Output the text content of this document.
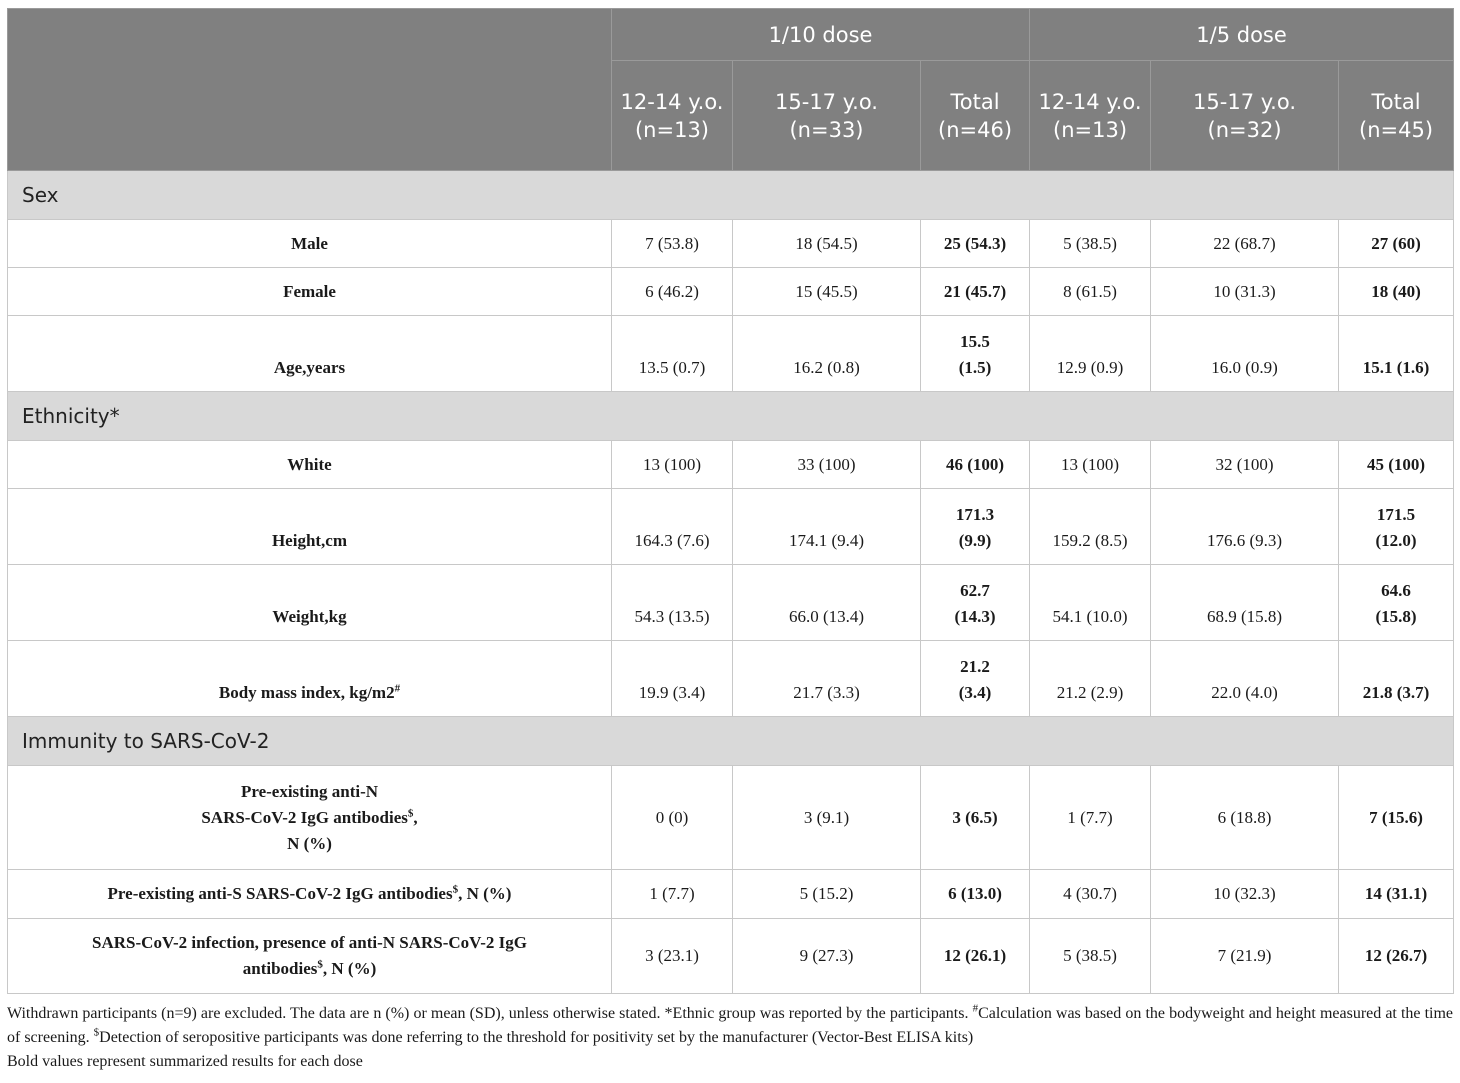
	1/10 dose			1/5 dose		
	12-14 y.o. (n=13)	15-17 y.o. (n=33)	Total (n=46)	12-14 y.o. (n=13)	15-17 y.o. (n=32)	Total (n=45)
Sex						
Male	7 (53.8)	18 (54.5)	25 (54.3)	5 (38.5)	22 (68.7)	27 (60)
Female	6 (46.2)	15 (45.5)	21 (45.7)	8 (61.5)	10 (31.3)	18 (40)
Age,years	13.5 (0.7)	16.2 (0.8)	15.5 (1.5)	12.9 (0.9)	16.0 (0.9)	15.1 (1.6)
Ethnicity*						
White	13 (100)	33 (100)	46 (100)	13 (100)	32 (100)	45 (100)
Height,cm	164.3 (7.6)	174.1 (9.4)	171.3 (9.9)	159.2 (8.5)	176.6 (9.3)	171.5 (12.0)
Weight,kg	54.3 (13.5)	66.0 (13.4)	62.7 (14.3)	54.1 (10.0)	68.9 (15.8)	64.6 (15.8)
Body mass index, kg/m2#	19.9 (3.4)	21.7 (3.3)	21.2 (3.4)	21.2 (2.9)	22.0 (4.0)	21.8 (3.7)
Immunity to SARS-CoV-2						
Pre-existing anti-N
SARS-CoV-2 IgG antibodies$,
N (%)	0 (0)	3 (9.1)	3 (6.5)	1 (7.7)	6 (18.8)	7 (15.6)
Pre-existing anti-S SARS-CoV-2 IgG antibodies$, N (%)	1 (7.7)	5 (15.2)	6 (13.0)	4 (30.7)	10 (32.3)	14 (31.1)
SARS-CoV-2 infection, presence of anti-N SARS-CoV-2 IgG
antibodies$, N (%)	3 (23.1)	9 (27.3)	12 (26.1)	5 (38.5)	7 (21.9)	12 (26.7)
Withdrawn participants (n=9) are excluded. The data are n (%) or mean (SD), unless otherwise stated. *Ethnic group was reported by the participants. #Calculation was based on the bodyweight and height measured at the time of screening. $Detection of seropositive participants was done referring to the threshold for positivity set by the manufacturer (Vector-Best ELISA kits)
Bold values represent summarized results for each dose
